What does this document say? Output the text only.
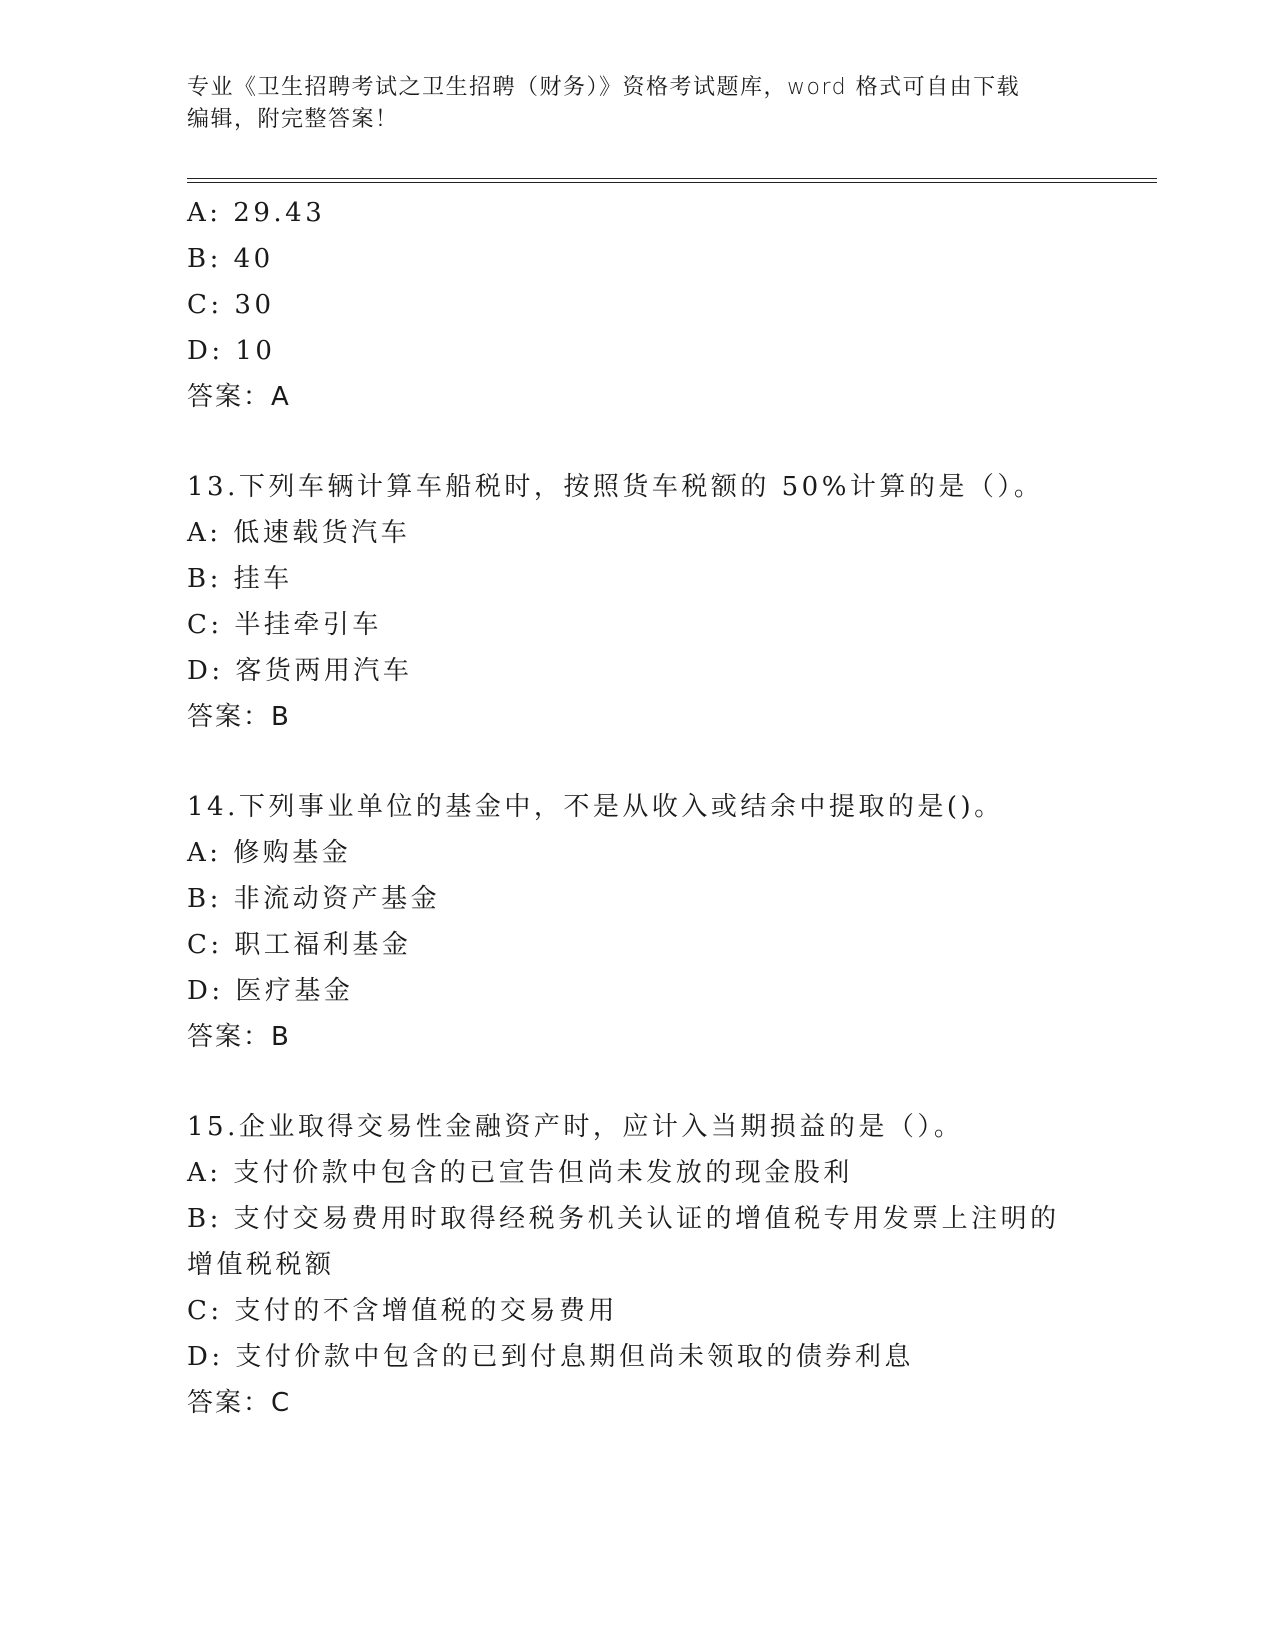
专业《卫生招聘考试之卫生招聘（财务）》资格考试题库，word 格式可自由下载
编辑，附完整答案！
A: 29.43
B: 40
C: 30
D: 10
答案：A
13.下列车辆计算车船税时，按照货车税额的 50%计算的是（）。
A: 低速载货汽车
B: 挂车
C: 半挂牵引车
D: 客货两用汽车
答案：B
14.下列事业单位的基金中，不是从收入或结余中提取的是()。
A: 修购基金
B: 非流动资产基金
C: 职工福利基金
D: 医疗基金
答案：B
15.企业取得交易性金融资产时，应计入当期损益的是（）。
A: 支付价款中包含的已宣告但尚未发放的现金股利
B: 支付交易费用时取得经税务机关认证的增值税专用发票上注明的增值税税额
C: 支付的不含增值税的交易费用
D: 支付价款中包含的已到付息期但尚未领取的债券利息
答案：C
